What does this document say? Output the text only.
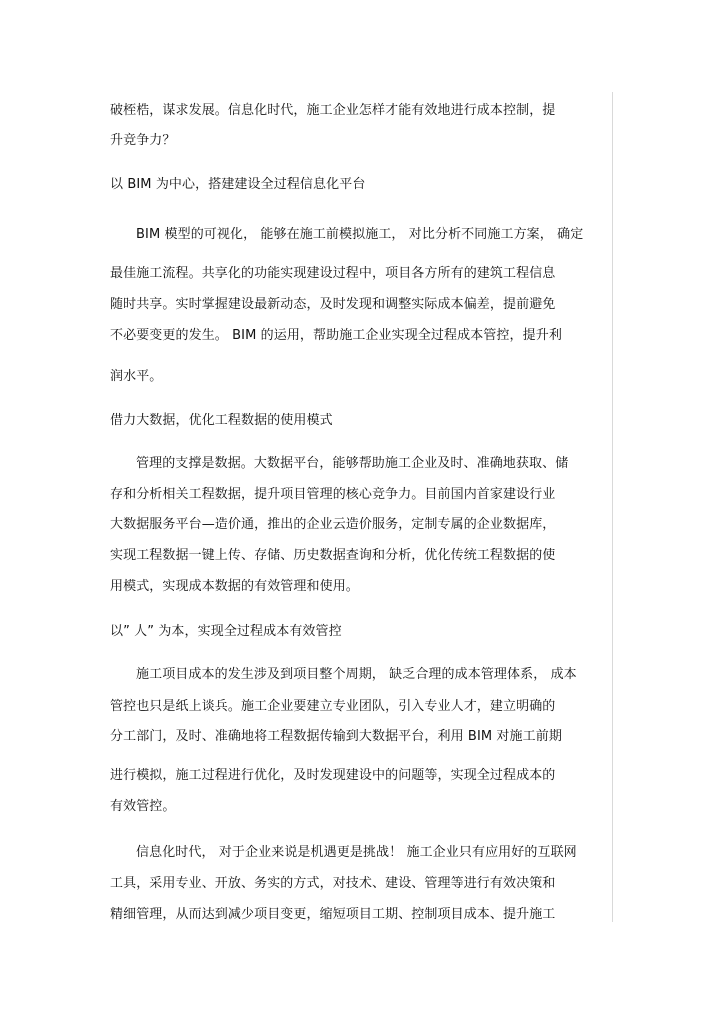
破桎梏，谋求发展。信息化时代，施工企业怎样才能有效地进行成本控制，提
升竞争力？
以 BIM 为中心，搭建建设全过程信息化平台
BIM 模型的可视化， 能够在施工前模拟施工， 对比分析不同施工方案， 确定
最佳施工流程。共享化的功能实现建设过程中，项目各方所有的建筑工程信息
随时共享。实时掌握建设最新动态，及时发现和调整实际成本偏差，提前避免
不必要变更的发生。 BIM 的运用，帮助施工企业实现全过程成本管控，提升利
润水平。
借力大数据，优化工程数据的使用模式
管理的支撑是数据。大数据平台，能够帮助施工企业及时、准确地获取、储
存和分析相关工程数据，提升项目管理的核心竞争力。目前国内首家建设行业
大数据服务平台—造价通，推出的企业云造价服务，定制专属的企业数据库，
实现工程数据一键上传、存储、历史数据查询和分析，优化传统工程数据的使
用模式，实现成本数据的有效管理和使用。
以” 人” 为本，实现全过程成本有效管控
施工项目成本的发生涉及到项目整个周期， 缺乏合理的成本管理体系， 成本
管控也只是纸上谈兵。施工企业要建立专业团队，引入专业人才，建立明确的
分工部门，及时、准确地将工程数据传输到大数据平台，利用 BIM 对施工前期
进行模拟，施工过程进行优化，及时发现建设中的问题等，实现全过程成本的
有效管控。
信息化时代， 对于企业来说是机遇更是挑战！ 施工企业只有应用好的互联网
工具，采用专业、开放、务实的方式，对技术、建设、管理等进行有效决策和
精细管理，从而达到减少项目变更，缩短项目工期、控制项目成本、提升施工
